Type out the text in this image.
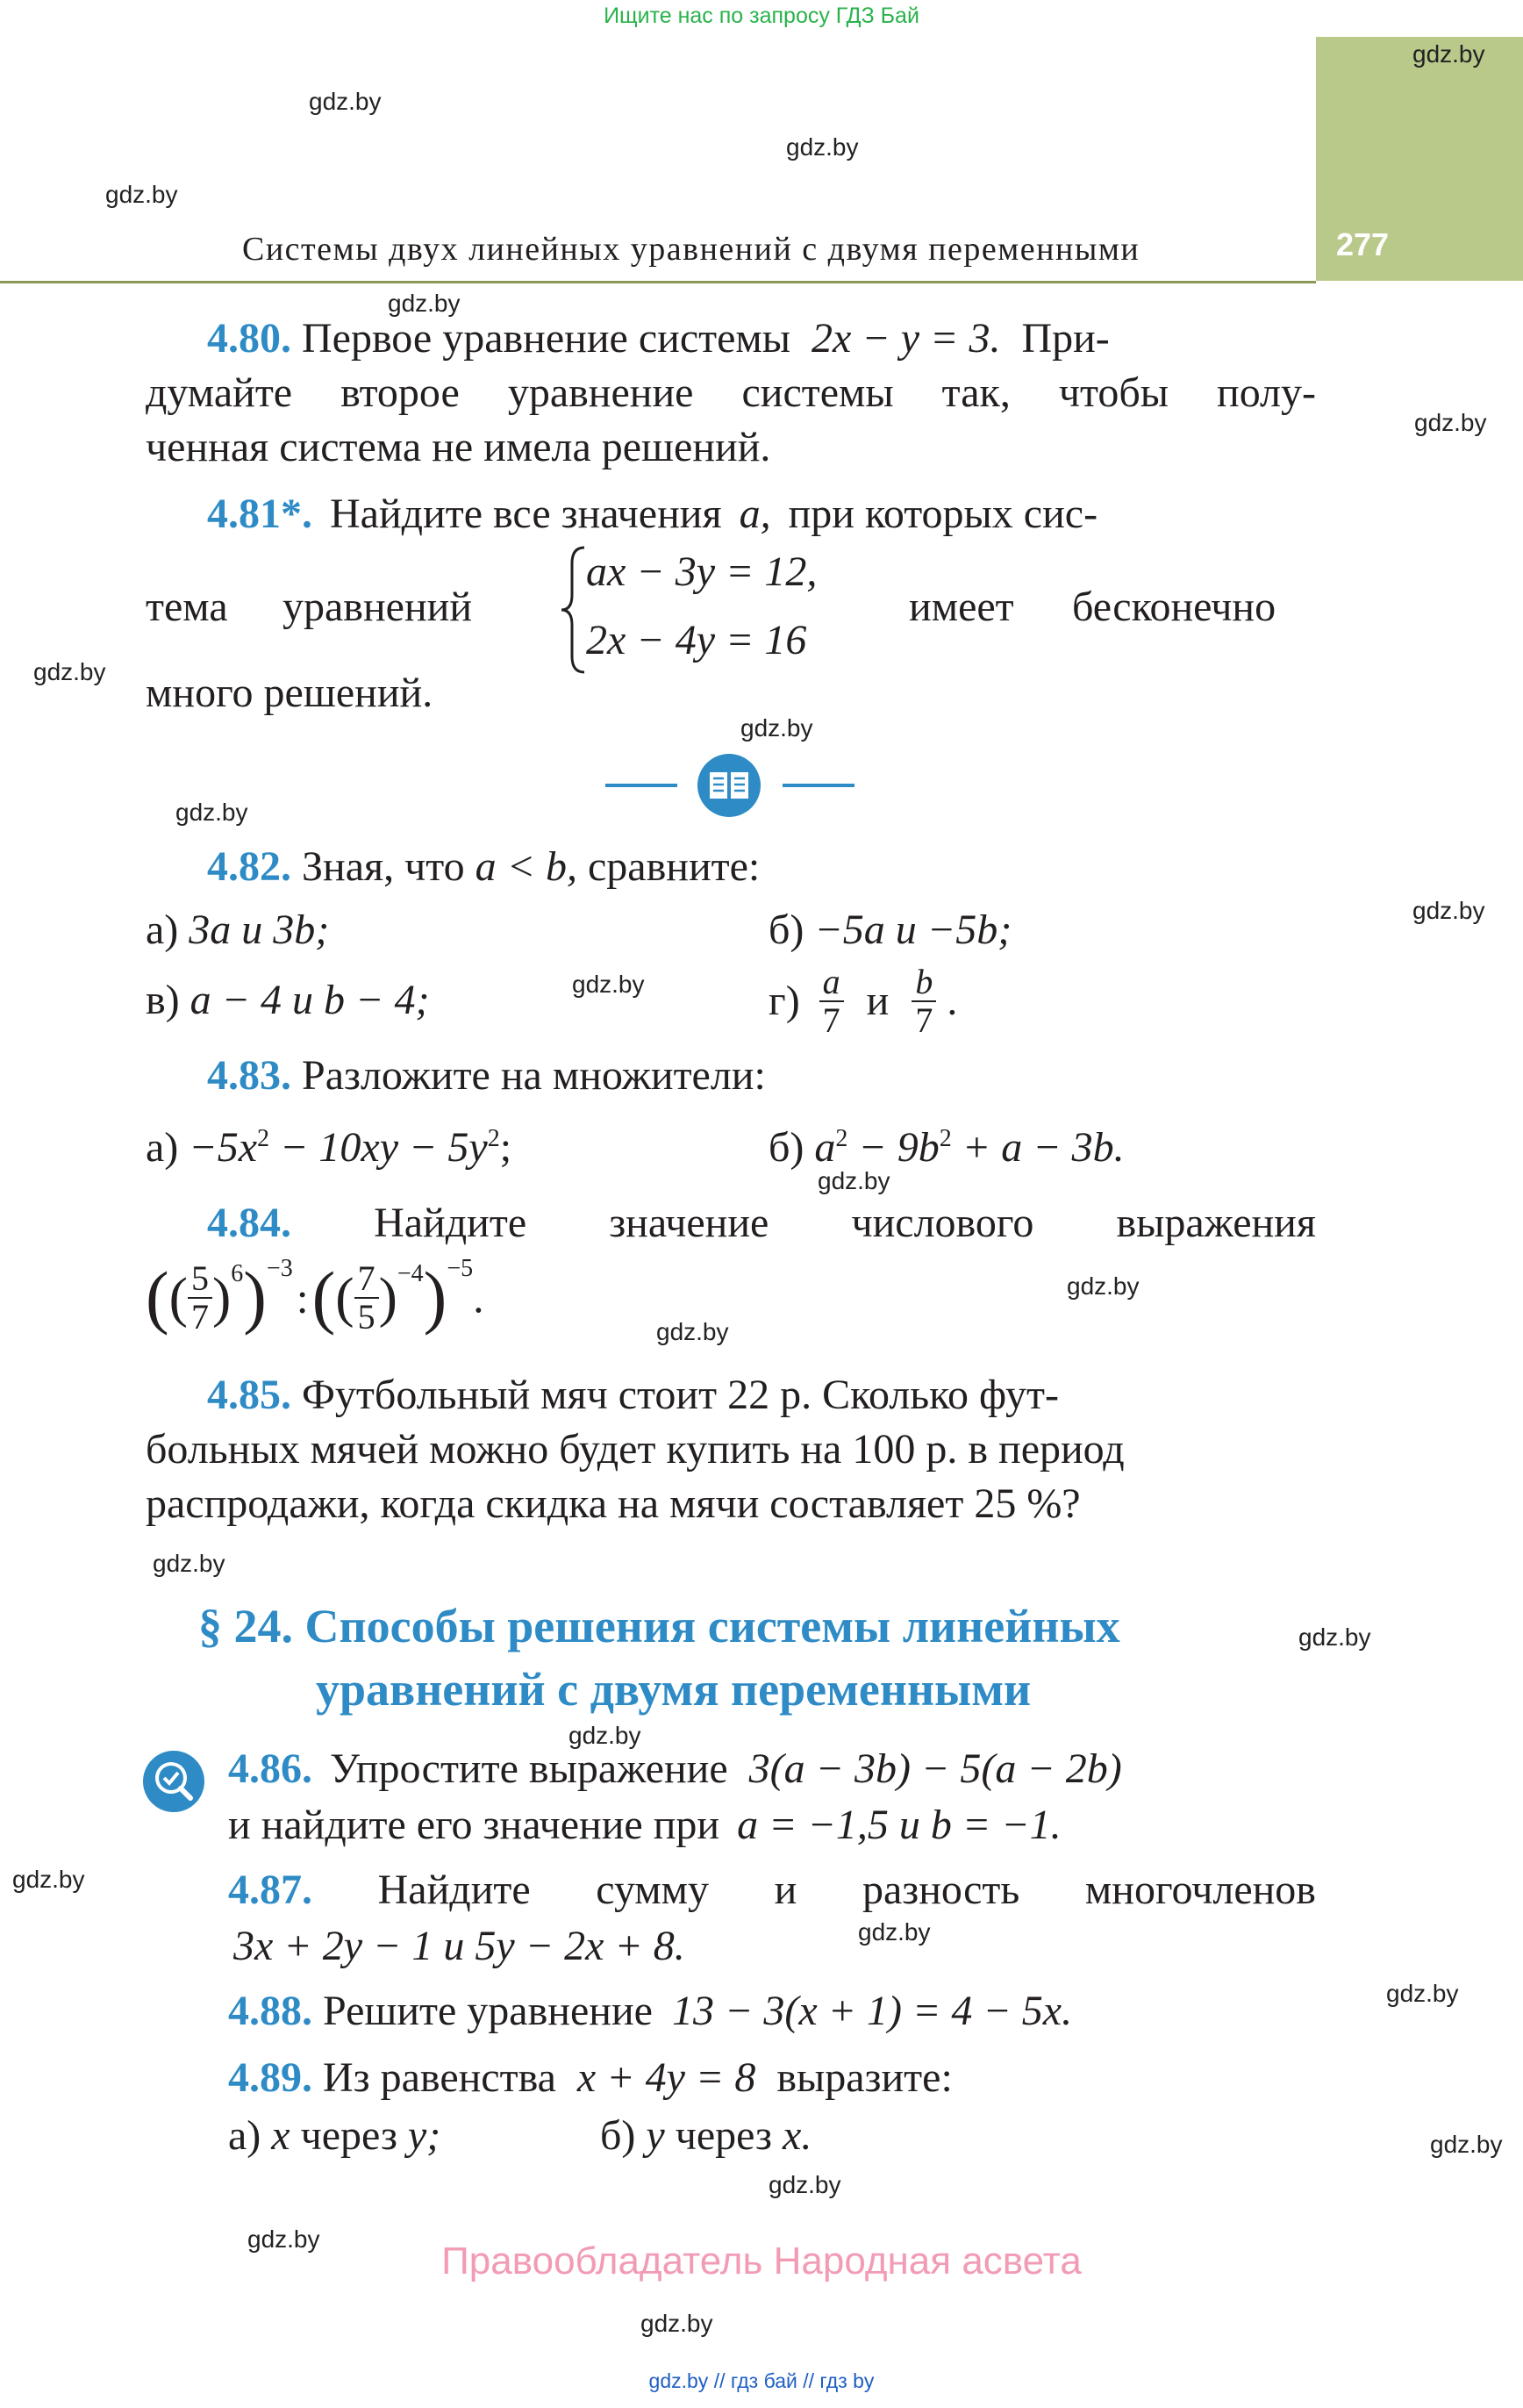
Ищите нас по запросу ГДЗ Бай
277
Системы двух линейных уравнений с двумя переменными
gdz.by
gdz.by
gdz.by
gdz.by
gdz.by
gdz.by
gdz.by
gdz.by
gdz.by
gdz.by
gdz.by
gdz.by
gdz.by
gdz.by
gdz.by
gdz.by
gdz.by
gdz.by
gdz.by
gdz.by
gdz.by
gdz.by
gdz.by
gdz.by
4.80. Первое уравнение системы 2x − y = 3. При-
думайте второе уравнение системы так, чтобы полу-
ченная система не имела решений.
4.81*. Найдите все значения a, при которых сис-
тема уравнений
ax − 3y = 12,
2x − 4y = 16
имеет бесконечно
много решений.
4.82. Зная, что a < b, сравните:
а) 3a и 3b;	б) −5a и −5b;
в) a − 4 и b − 4;	$г) \frac{a}{7}$ и $\frac{b}{7}$ .
4.83. Разложите на множители:
$а) -5x^2 - 10xy - 5y^2$;	б) $a^2 - 9b^2 + a - 3b$.
4.84. Найдите значение числового выражения
(( $\frac{5}{7}$ )$^6$)$^{-3}$:(( $\frac{7}{5} )^{-4})^{-5}$.
4.85. Футбольный мяч стоит 22 р. Сколько фут-
больных мячей можно будет купить на 100 р. в период
распродажи, когда скидка на мячи составляет 25 %?
§ 24. Способы решения системы линейных
уравнений с двумя переменными
4.86. Упростите выражение 3(a − 3b) − 5(a − 2b)
и найдите его значение при a = −1,5 и b = −1.
4.87. Найдите сумму и разность многочленов
3x + 2y − 1 и 5y − 2x + 8.
4.88. Решите уравнение 13 − 3(x + 1) = 4 − 5x.
4.89. Из равенства x + 4y = 8 выразите:
а) x через y;	б) y через x.
Правообладатель Народная асвета
gdz.by // гдз бай // гдз by
